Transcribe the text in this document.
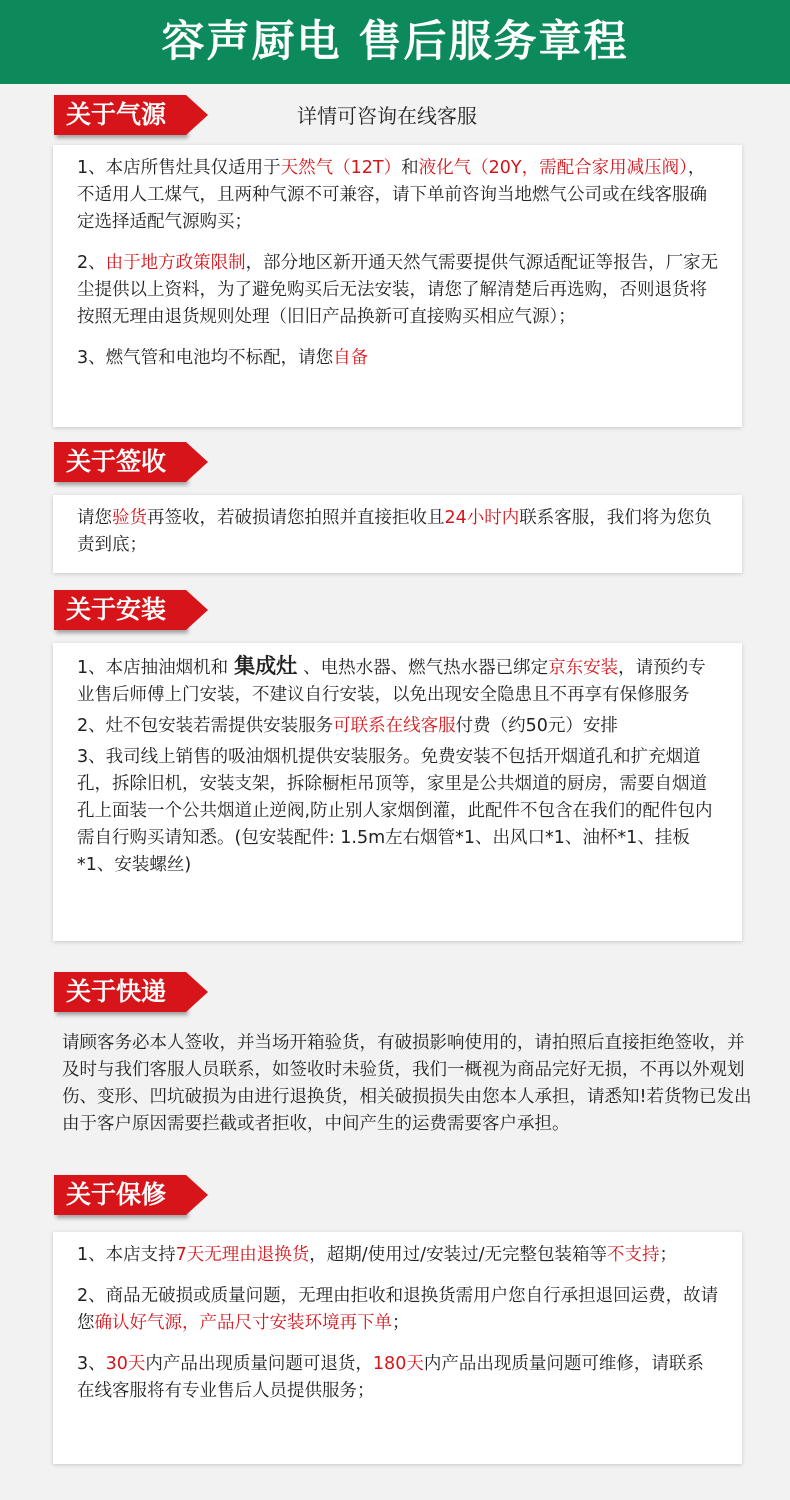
容声厨电 售后服务章程
关于气源	详情可咨询在线客服

1、本店所售灶具仅适用于天然气（12T）和液化气（20Y，需配合家用减压阀），不适用人工煤气，且两种气源不可兼容，请下单前咨询当地燃气公司或在线客服确定选择适配气源购买；

2、由于地方政策限制，部分地区新开通天然气需要提供气源适配证等报告，厂家无尘提供以上资料，为了避免购买后无法安装，请您了解清楚后再选购，否则退货将按照无理由退货规则处理（旧旧产品换新可直接购买相应气源）；

3、燃气管和电池均不标配，请您自备

关于签收

请您验货再签收，若破损请您拍照并直接拒收且24小时内联系客服，我们将为您负责到底；

关于安装

1、本店抽油烟机和 集成灶 、电热水器、燃气热水器已绑定京东安装，请预约专业售后师傅上门安装，不建议自行安装，以免出现安全隐患且不再享有保修服务

2、灶不包安装若需提供安装服务可联系在线客服付费（约50元）安排

3、我司线上销售的吸油烟机提供安装服务。免费安装不包括开烟道孔和扩充烟道孔，拆除旧机，安装支架，拆除橱柜吊顶等，家里是公共烟道的厨房，需要自烟道孔上面装一个公共烟道止逆阀,防止别人家烟倒灌，此配件不包含在我们的配件包内需自行购买请知悉。(包安装配件: 1.5m左右烟管*1、出风口*1、油杯*1、挂板*1、安装螺丝)

关于快递
请顾客务必本人签收，并当场开箱验货，有破损影响使用的，请拍照后直接拒绝签收，并及时与我们客服人员联系，如签收时未验货，我们一概视为商品完好无损，不再以外观划伤、变形、凹坑破损为由进行退换货，相关破损损失由您本人承担，请悉知!若货物已发出由于客户原因需要拦截或者拒收，中间产生的运费需要客户承担。
关于保修

1、本店支持7天无理由退换货，超期/使用过/安装过/无完整包装箱等不支持；

2、商品无破损或质量问题，无理由拒收和退换货需用户您自行承担退回运费，故请您确认好气源，产品尺寸安装环境再下单；

3、30天内产品出现质量问题可退货，180天内产品出现质量问题可维修，请联系在线客服将有专业售后人员提供服务；
